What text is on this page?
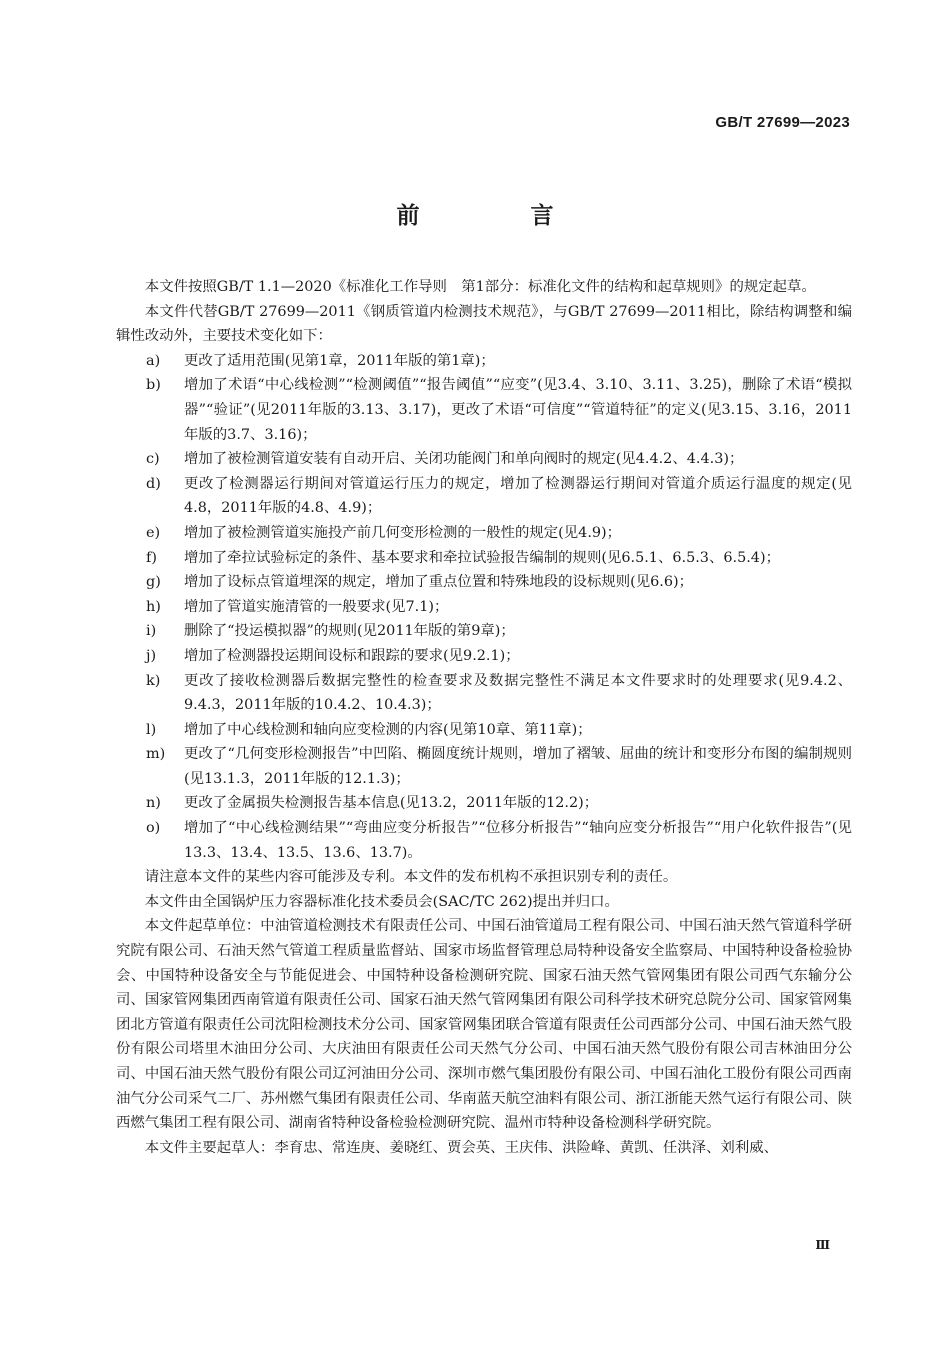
GB/T 27699—2023
前　言

本文件按照GB/T 1.1—2020《标准化工作导则　第1部分：标准化文件的结构和起草规则》的规定起草。

本文件代替GB/T 27699—2011《钢质管道内检测技术规范》，与GB/T 27699—2011相比，除结构调整和编辑性改动外，主要技术变化如下：

a)	更改了适用范围(见第1章，2011年版的第1章)；
b)	增加了术语“中心线检测”“检测阈值”“报告阈值”“应变”(见3.4、3.10、3.11、3.25)，删除了术语“模拟器”“验证”(见2011年版的3.13、3.17)，更改了术语“可信度”“管道特征”的定义(见3.15、3.16，2011年版的3.7、3.16)；
c)	增加了被检测管道安装有自动开启、关闭功能阀门和单向阀时的规定(见4.4.2、4.4.3)；
d)	更改了检测器运行期间对管道运行压力的规定，增加了检测器运行期间对管道介质运行温度的规定(见4.8，2011年版的4.8、4.9)；
e)	增加了被检测管道实施投产前几何变形检测的一般性的规定(见4.9)；
f)	增加了牵拉试验标定的条件、基本要求和牵拉试验报告编制的规则(见6.5.1、6.5.3、6.5.4)；
g)	增加了设标点管道埋深的规定，增加了重点位置和特殊地段的设标规则(见6.6)；
h)	增加了管道实施清管的一般要求(见7.1)；
i)	删除了“投运模拟器”的规则(见2011年版的第9章)；
j)	增加了检测器投运期间设标和跟踪的要求(见9.2.1)；
k)	更改了接收检测器后数据完整性的检查要求及数据完整性不满足本文件要求时的处理要求(见9.4.2、9.4.3，2011年版的10.4.2、10.4.3)；
l)	增加了中心线检测和轴向应变检测的内容(见第10章、第11章)；
m)	更改了“几何变形检测报告”中凹陷、椭圆度统计规则，增加了褶皱、屈曲的统计和变形分布图的编制规则(见13.1.3，2011年版的12.1.3)；
n)	更改了金属损失检测报告基本信息(见13.2，2011年版的12.2)；
o)	增加了“中心线检测结果”“弯曲应变分析报告”“位移分析报告”“轴向应变分析报告”“用户化软件报告”(见13.3、13.4、13.5、13.6、13.7)。

请注意本文件的某些内容可能涉及专利。本文件的发布机构不承担识别专利的责任。

本文件由全国锅炉压力容器标准化技术委员会(SAC/TC 262)提出并归口。

本文件起草单位：中油管道检测技术有限责任公司、中国石油管道局工程有限公司、中国石油天然气管道科学研究院有限公司、石油天然气管道工程质量监督站、国家市场监督管理总局特种设备安全监察局、中国特种设备检验协会、中国特种设备安全与节能促进会、中国特种设备检测研究院、国家石油天然气管网集团有限公司西气东输分公司、国家管网集团西南管道有限责任公司、国家石油天然气管网集团有限公司科学技术研究总院分公司、国家管网集团北方管道有限责任公司沈阳检测技术分公司、国家管网集团联合管道有限责任公司西部分公司、中国石油天然气股份有限公司塔里木油田分公司、大庆油田有限责任公司天然气分公司、中国石油天然气股份有限公司吉林油田分公司、中国石油天然气股份有限公司辽河油田分公司、深圳市燃气集团股份有限公司、中国石油化工股份有限公司西南油气分公司采气二厂、苏州燃气集团有限责任公司、华南蓝天航空油料有限公司、浙江浙能天然气运行有限公司、陕西燃气集团工程有限公司、湖南省特种设备检验检测研究院、温州市特种设备检测科学研究院。

本文件主要起草人：李育忠、常连庚、姜晓红、贾会英、王庆伟、洪险峰、黄凯、任洪泽、刘利威、

Ⅲ
